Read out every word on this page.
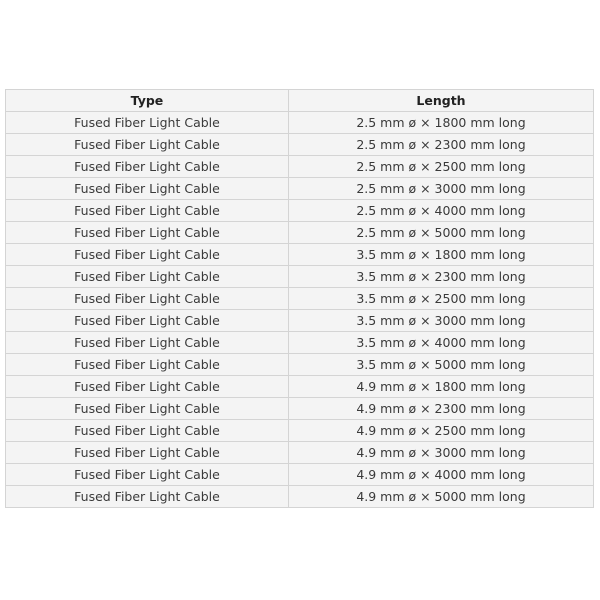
Type	Length
Fused Fiber Light Cable	2.5 mm ø × 1800 mm long
Fused Fiber Light Cable	2.5 mm ø × 2300 mm long
Fused Fiber Light Cable	2.5 mm ø × 2500 mm long
Fused Fiber Light Cable	2.5 mm ø × 3000 mm long
Fused Fiber Light Cable	2.5 mm ø × 4000 mm long
Fused Fiber Light Cable	2.5 mm ø × 5000 mm long
Fused Fiber Light Cable	3.5 mm ø × 1800 mm long
Fused Fiber Light Cable	3.5 mm ø × 2300 mm long
Fused Fiber Light Cable	3.5 mm ø × 2500 mm long
Fused Fiber Light Cable	3.5 mm ø × 3000 mm long
Fused Fiber Light Cable	3.5 mm ø × 4000 mm long
Fused Fiber Light Cable	3.5 mm ø × 5000 mm long
Fused Fiber Light Cable	4.9 mm ø × 1800 mm long
Fused Fiber Light Cable	4.9 mm ø × 2300 mm long
Fused Fiber Light Cable	4.9 mm ø × 2500 mm long
Fused Fiber Light Cable	4.9 mm ø × 3000 mm long
Fused Fiber Light Cable	4.9 mm ø × 4000 mm long
Fused Fiber Light Cable	4.9 mm ø × 5000 mm long
